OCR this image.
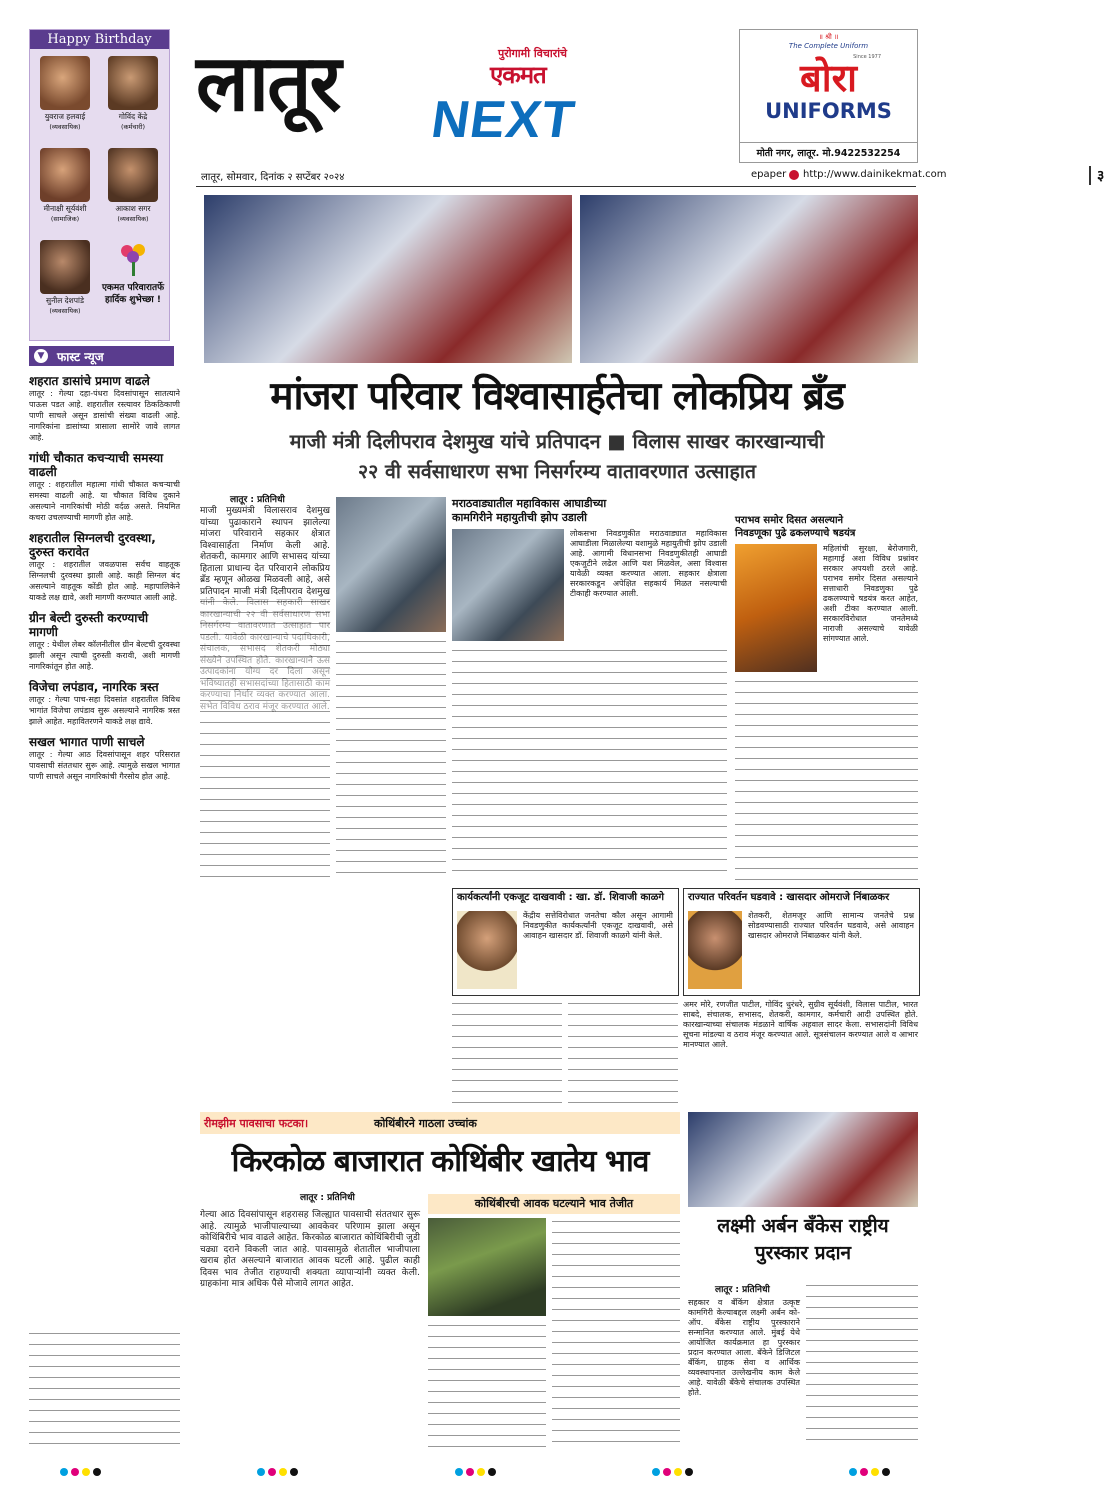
Happy Birthday
युवराज हलवाई
(व्यवसायिक)
गोविंद केंद्रे
(कर्मचारी)
मीनाक्षी सूर्यवंशी
(सामाजिक)
आकाश सगर
(व्यवसायिक)
सुनील देशपांडे
(व्यवसायिक)
एकमत परिवारातर्फे हार्दिक शुभेच्छा !
लातूर	पुरोगामी विचारांचे
एकमत
NEXT
॥ श्री ॥
The Complete Uniform
Since 1977
बोरा
UNIFORMS
मोती नगर, लातूर. मो.9422532254
लातूर, सोमवार, दिनांक २ सप्टेंबर २०२४	epaper http://www.dainikekmat.com	३
▼ फास्ट न्यूज
शहरात डासांचे प्रमाण वाढले
लातूर : गेल्या दहा-पंधरा दिवसांपासून सातत्याने पाऊस पडत आहे. शहरातील रस्त्यावर ठिकठिकाणी पाणी साचले असून डासांची संख्या वाढली आहे. नागरिकांना डासांच्या त्रासाला सामोरे जावे लागत आहे.
गांधी चौकात कचऱ्याची समस्या वाढली
लातूर : शहरातील महात्मा गांधी चौकात कचऱ्याची समस्या वाढली आहे. या चौकात विविध दुकाने असल्याने नागरिकांची मोठी वर्दळ असते. नियमित कचरा उचलण्याची मागणी होत आहे.
शहरातील सिग्नलची दुरवस्था, दुरुस्त करावेत
लातूर : शहरातील जवळपास सर्वच वाहतूक सिग्नलची दुरवस्था झाली आहे. काही सिग्नल बंद असल्याने वाहतूक कोंडी होत आहे. महापालिकेने याकडे लक्ष द्यावे, अशी मागणी करण्यात आली आहे.
ग्रीन बेल्टी दुरुस्ती करण्याची मागणी
लातूर : येथील लेबर कॉलनीतील ग्रीन बेल्टची दुरवस्था झाली असून त्याची दुरुस्ती करावी, अशी मागणी नागरिकांतून होत आहे.
विजेचा लपंडाव, नागरिक त्रस्त
लातूर : गेल्या पाच-सहा दिवसांत शहरातील विविध भागांत विजेचा लपंडाव सुरू असल्याने नागरिक त्रस्त झाले आहेत. महावितरणने याकडे लक्ष द्यावे.
सखल भागात पाणी साचले
लातूर : गेल्या आठ दिवसांपासून शहर परिसरात पावसाची संततधार सुरू आहे. त्यामुळे सखल भागात पाणी साचले असून नागरिकांची गैरसोय होत आहे.
मांजरा परिवार विश्वासार्हतेचा लोकप्रिय ब्रँड
माजी मंत्री दिलीपराव देशमुख यांचे प्रतिपादन ■ विलास साखर कारखान्याची
२२ वी सर्वसाधारण सभा निसर्गरम्य वातावरणात उत्साहात
लातूर : प्रतिनिधी
माजी मुख्यमंत्री विलासराव देशमुख यांच्या पुढाकाराने स्थापन झालेल्या मांजरा परिवाराने सहकार क्षेत्रात विश्वासार्हता निर्माण केली आहे. शेतकरी, कामगार आणि सभासद यांच्या हिताला प्राधान्य देत परिवाराने लोकप्रिय ब्रँड म्हणून ओळख मिळवली आहे, असे प्रतिपादन माजी मंत्री दिलीपराव देशमुख
मराठवाड्यातील महाविकास आघाडीच्या
कामगिरीने महायुतीची झोप उडाली
लोकसभा निवडणुकीत मराठवाड्यात महाविकास आघाडीला मिळालेल्या यशामुळे महायुतीची झोप उडाली आहे. आगामी विधानसभा निवडणुकीतही आघाडी एकजुटीने लढेल आणि यश मिळवेल, असा विश्वास यावेळी व्यक्त करण्यात आला. सहकार क्षेत्राला सरकारकडून अपेक्षित सहकार्य मिळत नसल्याची टीकाही करण्यात आली.
पराभव समोर दिसत असल्याने
निवडणूका पुढे ढकलण्याचे षडयंत्र
महिलांची सुरक्षा, बेरोजगारी, महागाई अशा विविध प्रश्नांवर सरकार अपयशी ठरले आहे. पराभव समोर दिसत असल्याने सत्ताधारी निवडणुका पुढे ढकलण्याचे षडयंत्र करत आहेत, अशी टीका करण्यात आली. सरकारविरोधात जनतेमध्ये नाराजी असल्याचे यावेळी सांगण्यात आले.
कार्यकर्त्यांनी एकजूट दाखवावी : खा. डॉ. शिवाजी काळगे
केंद्रीय सत्तेविरोधात जनतेचा कौल असून आगामी निवडणुकीत कार्यकर्त्यांनी एकजूट दाखवावी, असे आवाहन खासदार डॉ. शिवाजी काळगे यांनी केले.
राज्यात परिवर्तन घडवावे : खासदार ओमराजे निंबाळकर
शेतकरी, शेतमजूर आणि सामान्य जनतेचे प्रश्न सोडवण्यासाठी राज्यात परिवर्तन घडवावे, असे आवाहन खासदार ओमराजे निंबाळकर यांनी केले.
अमर मोरे, रणजीत पाटील, गोविंद धुरंधरे, सुग्रीव सूर्यवंशी, विलास पाटील, भारत साबदे, संचालक, सभासद, शेतकरी, कामगार, कर्मचारी आदी उपस्थित होते. कारखान्याच्या संचालक मंडळाने वार्षिक अहवाल सादर केला. सभासदांनी विविध सूचना मांडल्या व ठराव मंजूर करण्यात आले. सूत्रसंचालन करण्यात आले व आभार मानण्यात आले.
रीमझीम पावसाचा फटका।	कोथिंबीरने गाठला उच्चांक
किरकोळ बाजारात कोथिंबीर खातेय भाव
लातूर : प्रतिनिधी
गेल्या आठ दिवसांपासून शहरासह जिल्ह्यात पावसाची संततधार सुरू आहे. त्यामुळे भाजीपाल्याच्या आवकेवर परिणाम झाला असून कोथिंबिरीचे भाव वाढले आहेत. किरकोळ बाजारात कोथिंबिरीची जुडी चढ्या दराने विकली जात आहे. पावसामुळे शेतातील भाजीपाला खराब होत असल्याने बाजारात आवक घटली आहे. पुढील काही दिवस भाव तेजीत राहण्याची शक्यता व्यापाऱ्यांनी व्यक्त केली. ग्राहकांना मात्र अधिक पैसे मोजावे लागत आहेत.
कोथिंबीरची आवक घटल्याने भाव तेजीत
लक्ष्मी अर्बन बँकेस राष्ट्रीय पुरस्कार प्रदान
लातूर : प्रतिनिधी
सहकार व बँकिंग क्षेत्रात उत्कृष्ट कामगिरी केल्याबद्दल लक्ष्मी अर्बन को-ऑप. बँकेस राष्ट्रीय पुरस्काराने सन्मानित करण्यात आले. मुंबई येथे आयोजित कार्यक्रमात हा पुरस्कार प्रदान करण्यात आला. बँकेने डिजिटल बँकिंग, ग्राहक सेवा व आर्थिक व्यवस्थापनात उल्लेखनीय काम केले आहे. यावेळी बँकेचे संचालक उपस्थित होते.
